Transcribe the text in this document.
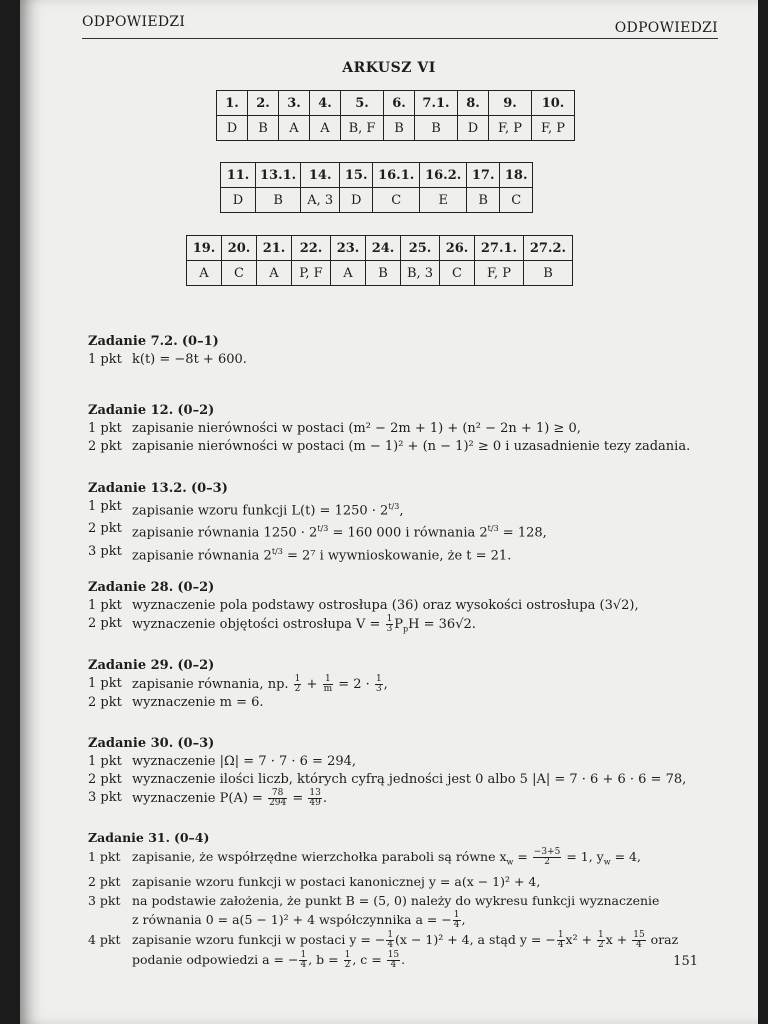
ODPOWIEDZI	ODPOWIEDZI
ARKUSZ VI
1.	2.	3.	4.	5.	6.	7.1.	8.	9.	10.
D	B	A	A	B, F	B	B	D	F, P	F, P
11.	13.1.	14.	15.	16.1.	16.2.	17.	18.
D	B	A, 3	D	C	E	B	C
19.	20.	21.	22.	23.	24.	25.	26.	27.1.	27.2.
A	C	A	P, F	A	B	B, 3	C	F, P	B
Zadanie 7.2. (0–1)
1 pkt k(t) = −8t + 600.
Zadanie 12. (0–2)
1 pkt zapisanie nierówności w postaci (m² − 2m + 1) + (n² − 2n + 1) ≥ 0,
2 pkt zapisanie nierówności w postaci (m − 1)² + (n − 1)² ≥ 0 i uzasadnienie tezy zadania.
Zadanie 13.2. (0–3)
1 pkt zapisanie wzoru funkcji $L(t) = 1250 \cdot 2^{t/3}$,
2 pkt zapisanie równania $1250 \cdot 2^{t/3} = 160$ 000 i równania $2^{t/3} = 128$,
3 pkt zapisanie równania $2^{t/3} = 2^7$ i wywnioskowanie, że t = 21.
Zadanie 28. (0–2)
1 pkt wyznaczenie pola podstawy ostrosłupa (36) oraz wysokości ostrosłupa (3√2),
2 pkt wyznaczenie objętości ostrosłupa $V = \frac{1}{3} P_pH = 36√2$.
Zadanie 29. (0–2)
1 pkt zapisanie równania, np. $\frac{1}{2} + \frac{1}{m} = 2 \cdot \frac{1}{3}$ ,
2 pkt wyznaczenie m = 6.
Zadanie 30. (0–3)
1 pkt wyznaczenie |Ω| = 7 · 7 · 6 = 294,
2 pkt wyznaczenie ilości liczb, których cyfrą jedności jest 0 albo 5 |A| = 7 · 6 + 6 · 6 = 78,
3 pkt wyznaczenie $P(A) = \frac{78}{294} = \frac{13}{49}$ .
Zadanie 31. (0–4)
1 pkt zapisanie, że współrzędne wierzchołka paraboli są równe $x_w = \frac{-3+5}{2} = 1$, $y_w = 4$,
2 pkt zapisanie wzoru funkcji w postaci kanonicznej y = a(x − 1)² + 4,
3 pkt na podstawie założenia, że punkt B = (5, 0) należy do wykresu funkcji wyznaczenie
z równania 0 = a(5 − 1)² + 4 współczynnika a = − $\frac{1}{4}$ ,
4 pkt zapisanie wzoru funkcji w postaci y = − $\frac{1}{4} (x - 1)^2 + 4$, a stąd y = − $\frac{1}{4} x^2 + \frac{1}{2}$ $x + \frac{15}{4}$ oraz
podanie odpowiedzi a = − $\frac{1}{4}$ , $b = \frac{1}{2}$ , $c = \frac{15}{4}$ .	151
